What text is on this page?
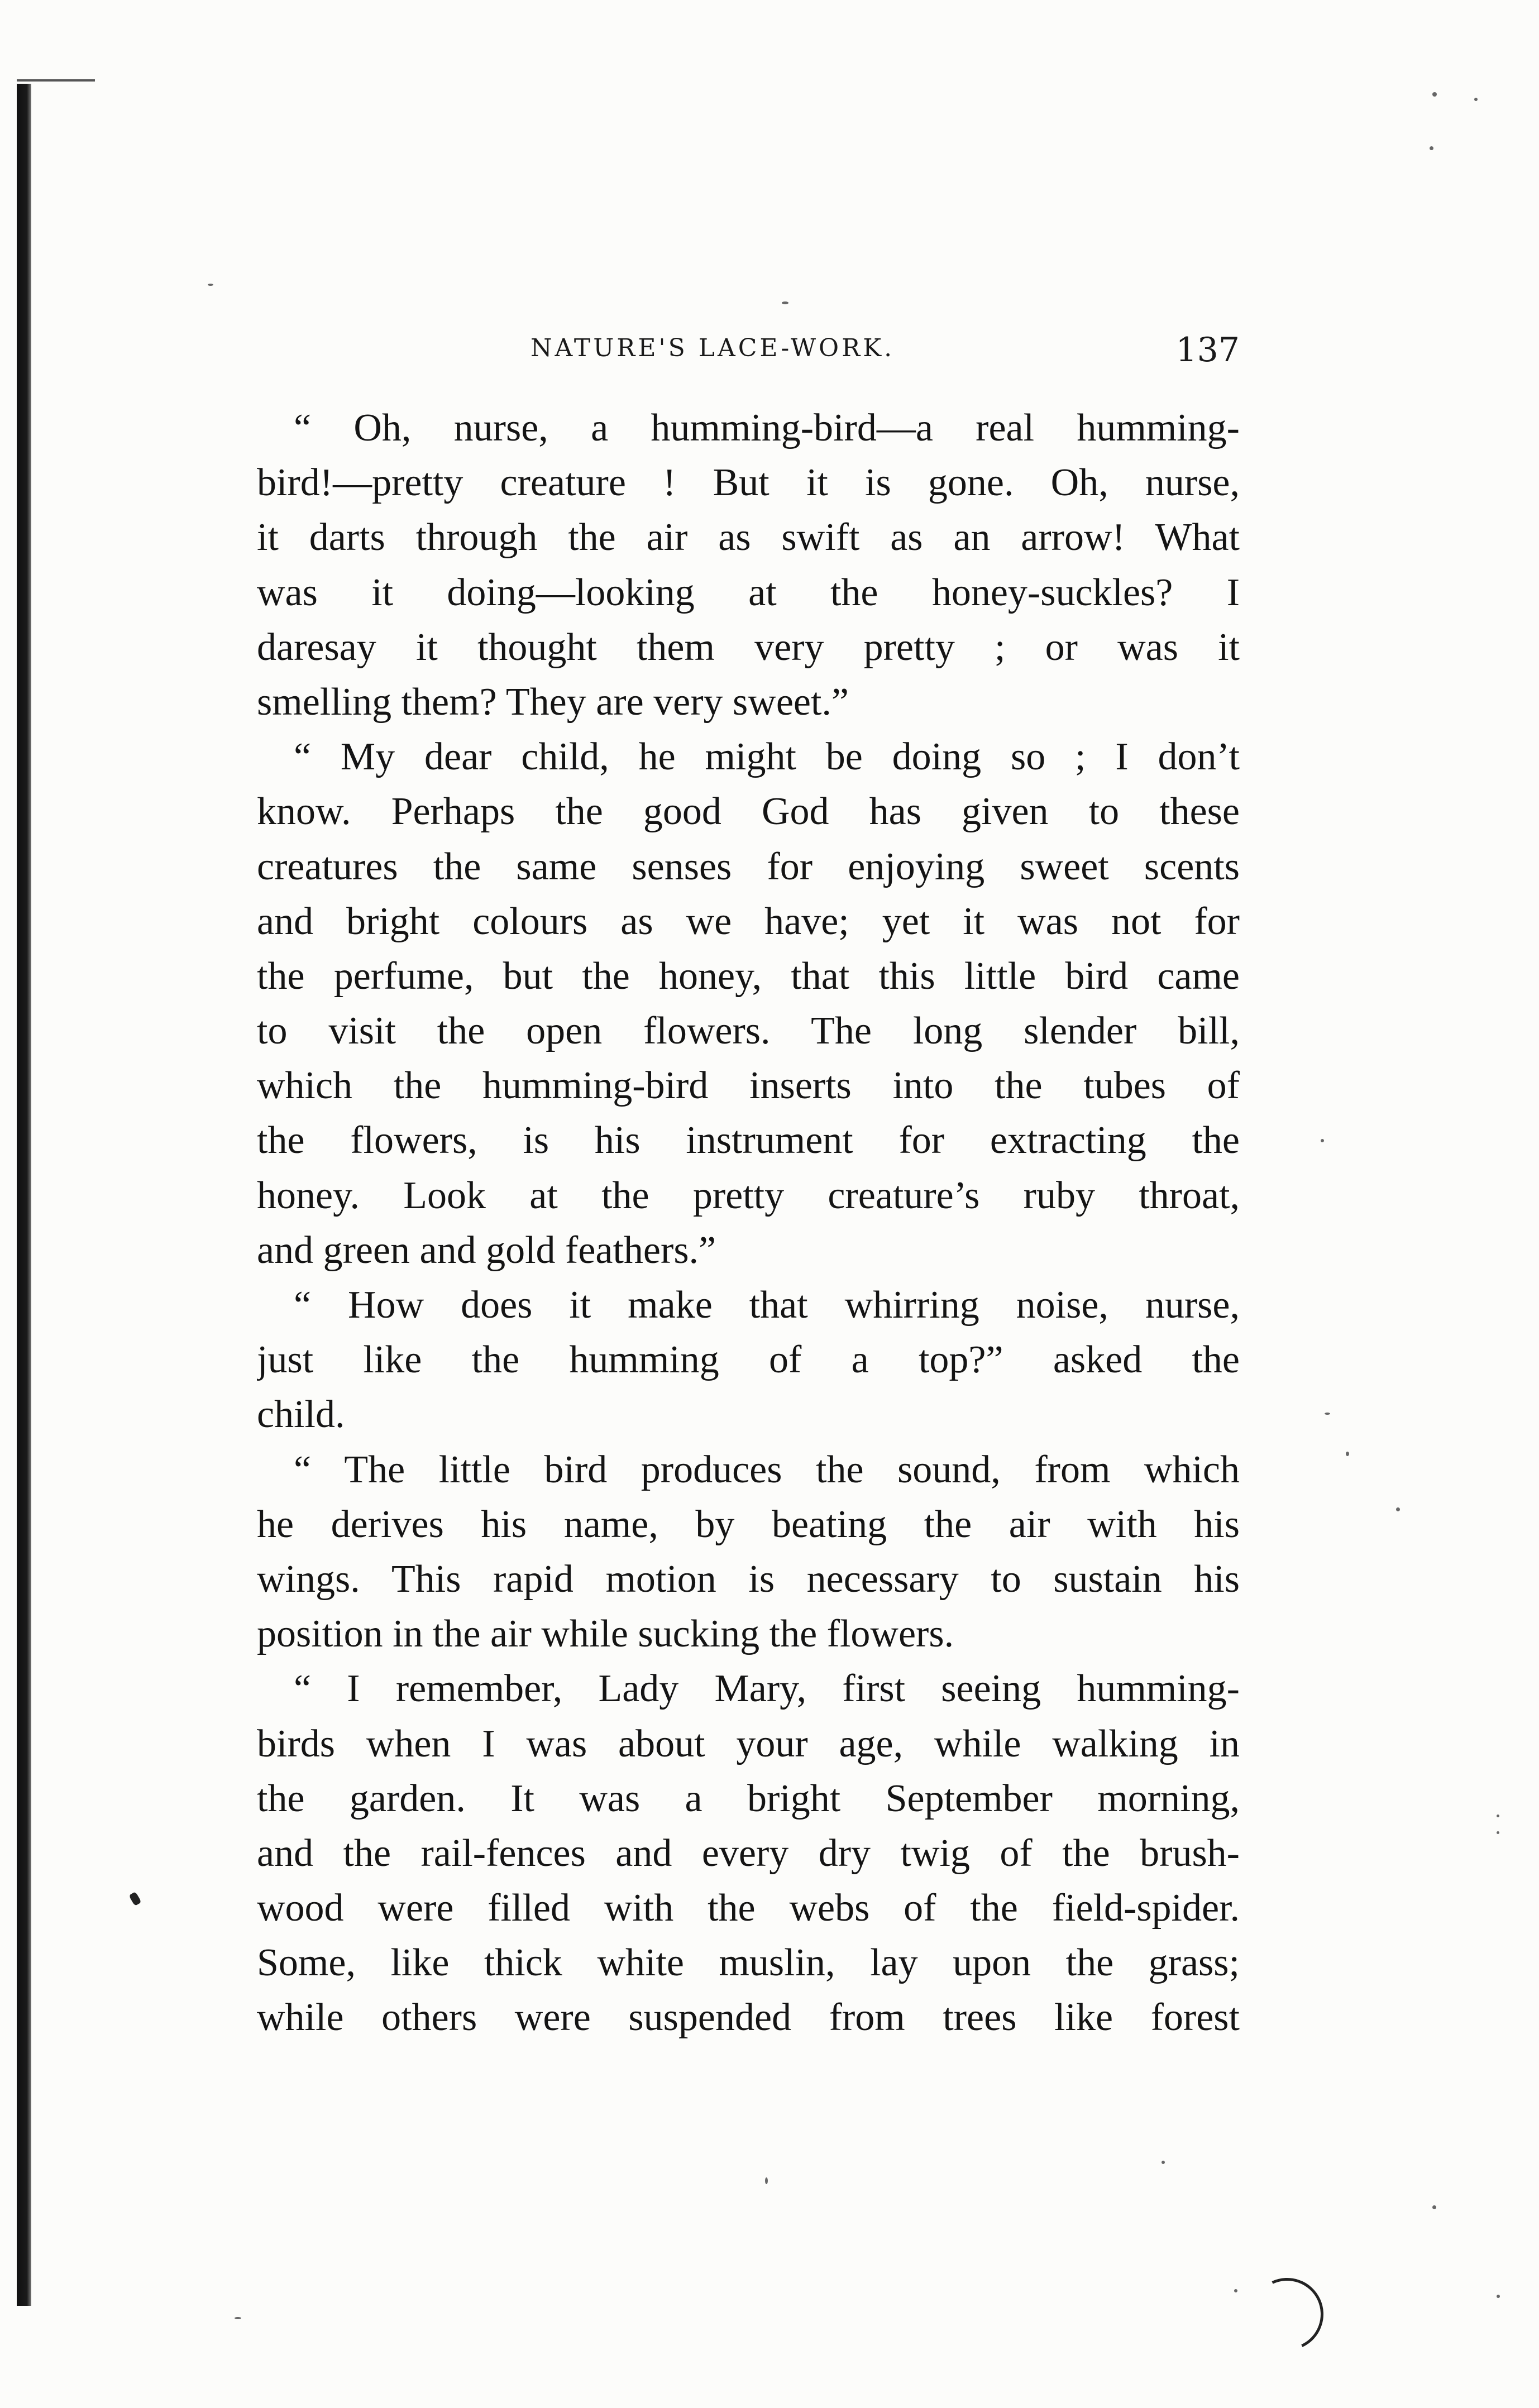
NATURE'S LACE-WORK.	137
“ Oh, nurse, a humming-bird—a real humming-
bird!—pretty creature ! But it is gone. Oh, nurse,
it darts through the air as swift as an arrow! What
was it doing—looking at the honey-suckles? I
daresay it thought them very pretty ; or was it
smelling them? They are very sweet.”
“ My dear child, he might be doing so ; I don’t
know. Perhaps the good God has given to these
creatures the same senses for enjoying sweet scents
and bright colours as we have; yet it was not for
the perfume, but the honey, that this little bird came
to visit the open flowers. The long slender bill,
which the humming-bird inserts into the tubes of
the flowers, is his instrument for extracting the
honey. Look at the pretty creature’s ruby throat,
and green and gold feathers.”
“ How does it make that whirring noise, nurse,
just like the humming of a top?” asked the
child.
“ The little bird produces the sound, from which
he derives his name, by beating the air with his
wings. This rapid motion is necessary to sustain his
position in the air while sucking the flowers.
“ I remember, Lady Mary, first seeing humming-
birds when I was about your age, while walking in
the garden. It was a bright September morning,
and the rail-fences and every dry twig of the brush-
wood were filled with the webs of the field-spider.
Some, like thick white muslin, lay upon the grass;
while others were suspended from trees like forest
